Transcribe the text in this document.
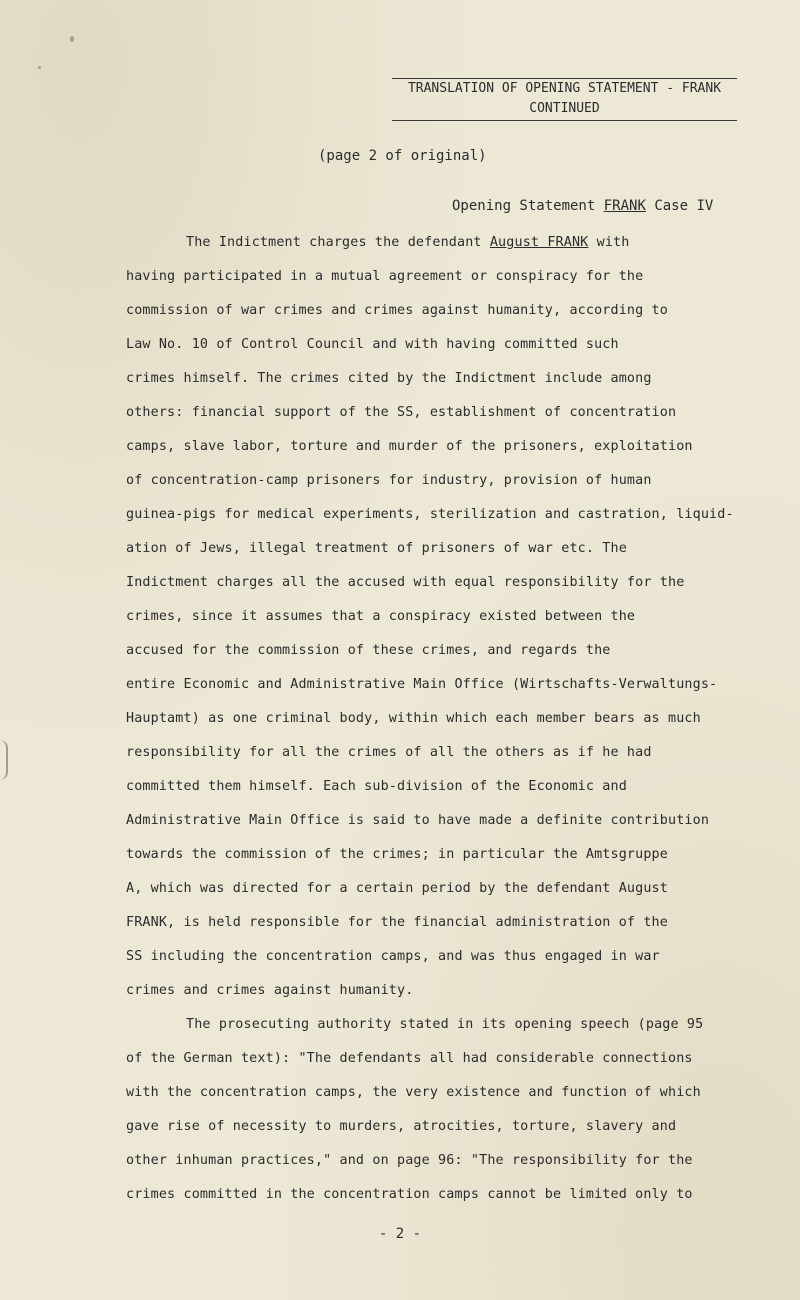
TRANSLATION OF OPENING STATEMENT - FRANK
CONTINUED
(page 2 of original)
Opening Statement FRANK Case IV
The Indictment charges the defendant August FRANK with
having participated in a mutual agreement or conspiracy for the
commission of war crimes and crimes against humanity, according to
Law No. 10 of Control Council and with having committed such
crimes himself. The crimes cited by the Indictment include among
others: financial support of the SS, establishment of concentration
camps, slave labor, torture and murder of the prisoners, exploitation
of concentration-camp prisoners for industry, provision of human
guinea-pigs for medical experiments, sterilization and castration, liquid-
ation of Jews, illegal treatment of prisoners of war etc. The
Indictment charges all the accused with equal responsibility for the
crimes, since it assumes that a conspiracy existed between the
accused for the commission of these crimes, and regards the
entire Economic and Administrative Main Office (Wirtschafts-Verwaltungs-
Hauptamt) as one criminal body, within which each member bears as much
responsibility for all the crimes of all the others as if he had
committed them himself. Each sub-division of the Economic and
Administrative Main Office is said to have made a definite contribution
towards the commission of the crimes; in particular the Amtsgruppe
A, which was directed for a certain period by the defendant August
FRANK, is held responsible for the financial administration of the
SS including the concentration camps, and was thus engaged in war
crimes and crimes against humanity.
The prosecuting authority stated in its opening speech (page 95
of the German text): "The defendants all had considerable connections
with the concentration camps, the very existence and function of which
gave rise of necessity to murders, atrocities, torture, slavery and
other inhuman practices," and on page 96: "The responsibility for the
crimes committed in the concentration camps cannot be limited only to
- 2 -
